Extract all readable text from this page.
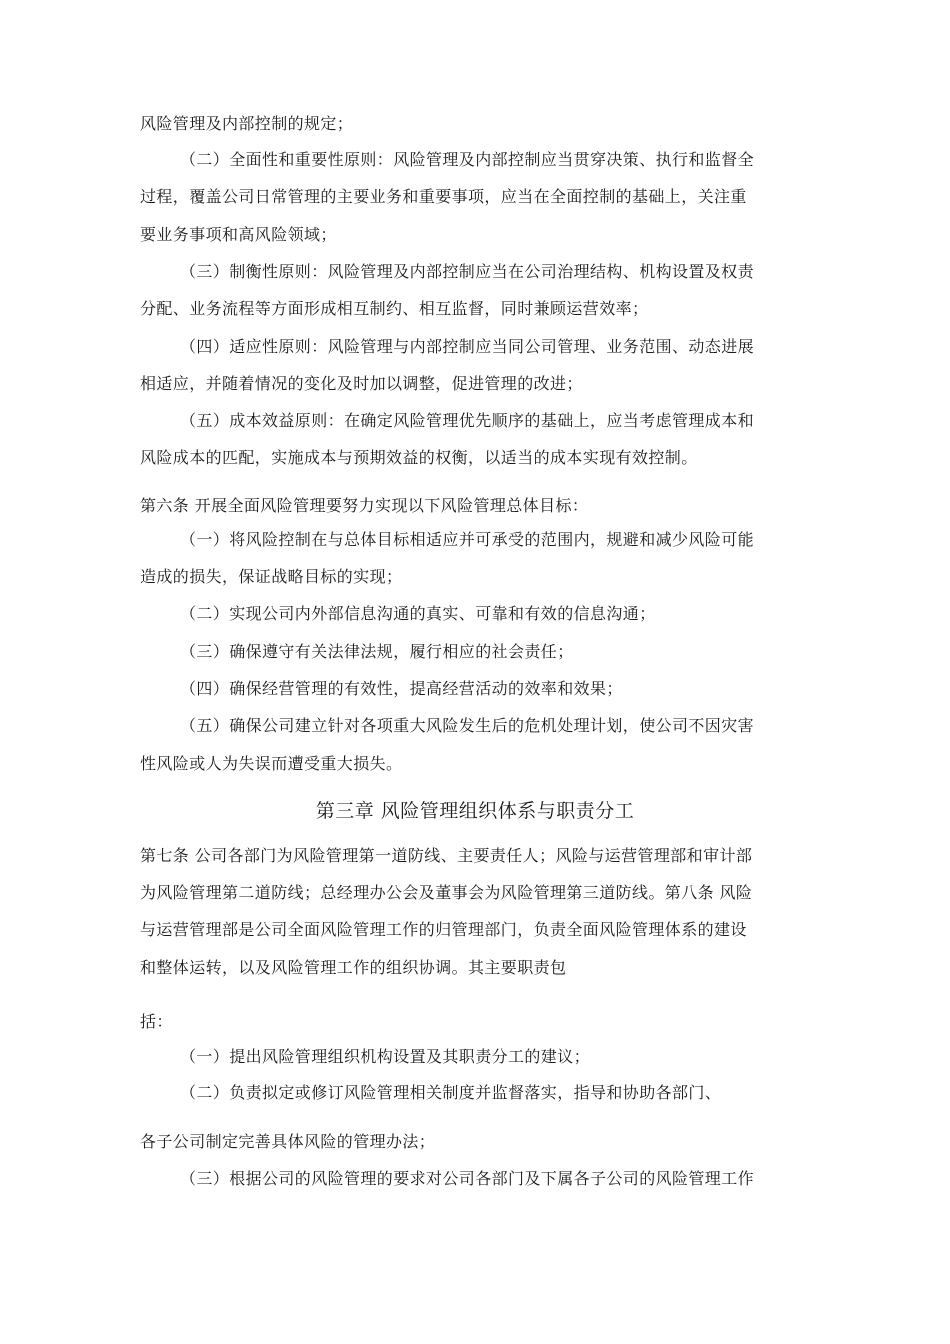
风险管理及内部控制的规定；
（二）全面性和重要性原则：风险管理及内部控制应当贯穿决策、执行和监督全
过程，覆盖公司日常管理的主要业务和重要事项，应当在全面控制的基础上，关注重
要业务事项和高风险领域；
（三）制衡性原则：风险管理及内部控制应当在公司治理结构、机构设置及权责
分配、业务流程等方面形成相互制约、相互监督，同时兼顾运营效率；
（四）适应性原则：风险管理与内部控制应当同公司管理、业务范围、动态进展
相适应，并随着情况的变化及时加以调整，促进管理的改进；
（五）成本效益原则：在确定风险管理优先顺序的基础上，应当考虑管理成本和
风险成本的匹配，实施成本与预期效益的权衡，以适当的成本实现有效控制。
第六条 开展全面风险管理要努力实现以下风险管理总体目标：
（一）将风险控制在与总体目标相适应并可承受的范围内，规避和减少风险可能
造成的损失，保证战略目标的实现；
（二）实现公司内外部信息沟通的真实、可靠和有效的信息沟通；
（三）确保遵守有关法律法规，履行相应的社会责任；
（四）确保经营管理的有效性，提高经营活动的效率和效果；
（五）确保公司建立针对各项重大风险发生后的危机处理计划，使公司不因灾害
性风险或人为失误而遭受重大损失。
第三章 风险管理组织体系与职责分工
第七条 公司各部门为风险管理第一道防线、主要责任人；风险与运营管理部和审计部
为风险管理第二道防线；总经理办公会及董事会为风险管理第三道防线。第八条 风险
与运营管理部是公司全面风险管理工作的归管理部门，负责全面风险管理体系的建设
和整体运转，以及风险管理工作的组织协调。其主要职责包
括：
（一）提出风险管理组织机构设置及其职责分工的建议；
（二）负责拟定或修订风险管理相关制度并监督落实，指导和协助各部门、
各子公司制定完善具体风险的管理办法；
（三）根据公司的风险管理的要求对公司各部门及下属各子公司的风险管理工作
